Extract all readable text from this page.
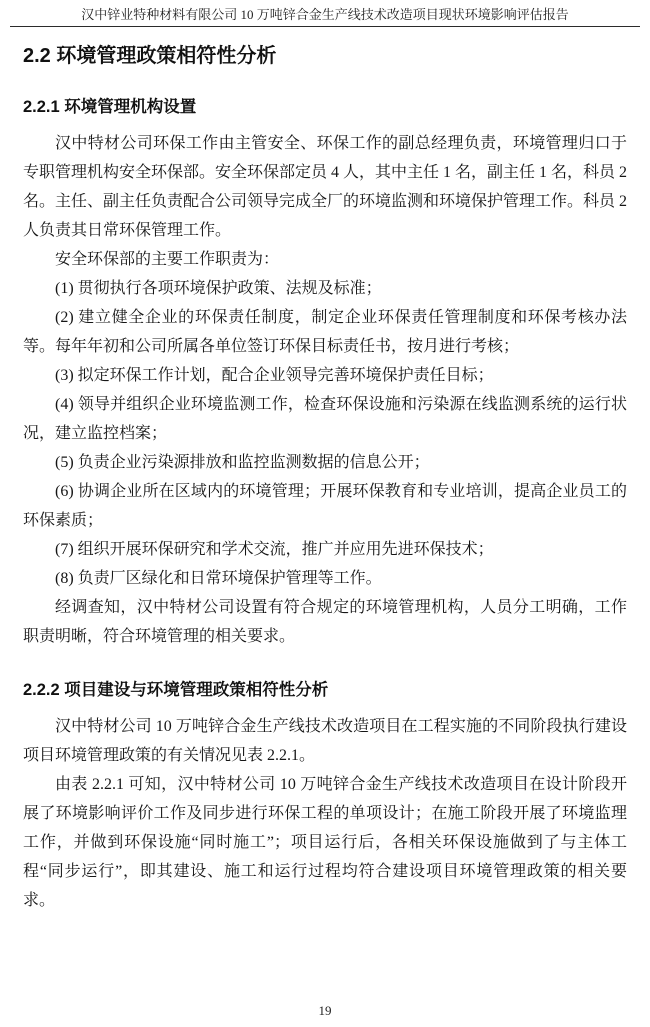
汉中锌业特种材料有限公司 10 万吨锌合金生产线技术改造项目现状环境影响评估报告
2.2 环境管理政策相符性分析
2.2.1 环境管理机构设置

汉中特材公司环保工作由主管安全、环保工作的副总经理负责，环境管理归口于专职管理机构安全环保部。安全环保部定员 4 人，其中主任 1 名，副主任 1 名，科员 2 名。主任、副主任负责配合公司领导完成全厂的环境监测和环境保护管理工作。科员 2 人负责其日常环保管理工作。

安全环保部的主要工作职责为：

(1) 贯彻执行各项环境保护政策、法规及标准；

(2) 建立健全企业的环保责任制度，制定企业环保责任管理制度和环保考核办法等。每年年初和公司所属各单位签订环保目标责任书，按月进行考核；

(3) 拟定环保工作计划，配合企业领导完善环境保护责任目标；

(4) 领导并组织企业环境监测工作，检查环保设施和污染源在线监测系统的运行状况，建立监控档案；

(5) 负责企业污染源排放和监控监测数据的信息公开；

(6) 协调企业所在区域内的环境管理；开展环保教育和专业培训，提高企业员工的环保素质；

(7) 组织开展环保研究和学术交流，推广并应用先进环保技术；

(8) 负责厂区绿化和日常环境保护管理等工作。

经调查知，汉中特材公司设置有符合规定的环境管理机构，人员分工明确，工作职责明晰，符合环境管理的相关要求。

2.2.2 项目建设与环境管理政策相符性分析

汉中特材公司 10 万吨锌合金生产线技术改造项目在工程实施的不同阶段执行建设项目环境管理政策的有关情况见表 2.2.1。

由表 2.2.1 可知，汉中特材公司 10 万吨锌合金生产线技术改造项目在设计阶段开展了环境影响评价工作及同步进行环保工程的单项设计；在施工阶段开展了环境监理工作，并做到环保设施“同时施工”；项目运行后，各相关环保设施做到了与主体工程“同步运行”，即其建设、施工和运行过程均符合建设项目环境管理政策的相关要求。

19
